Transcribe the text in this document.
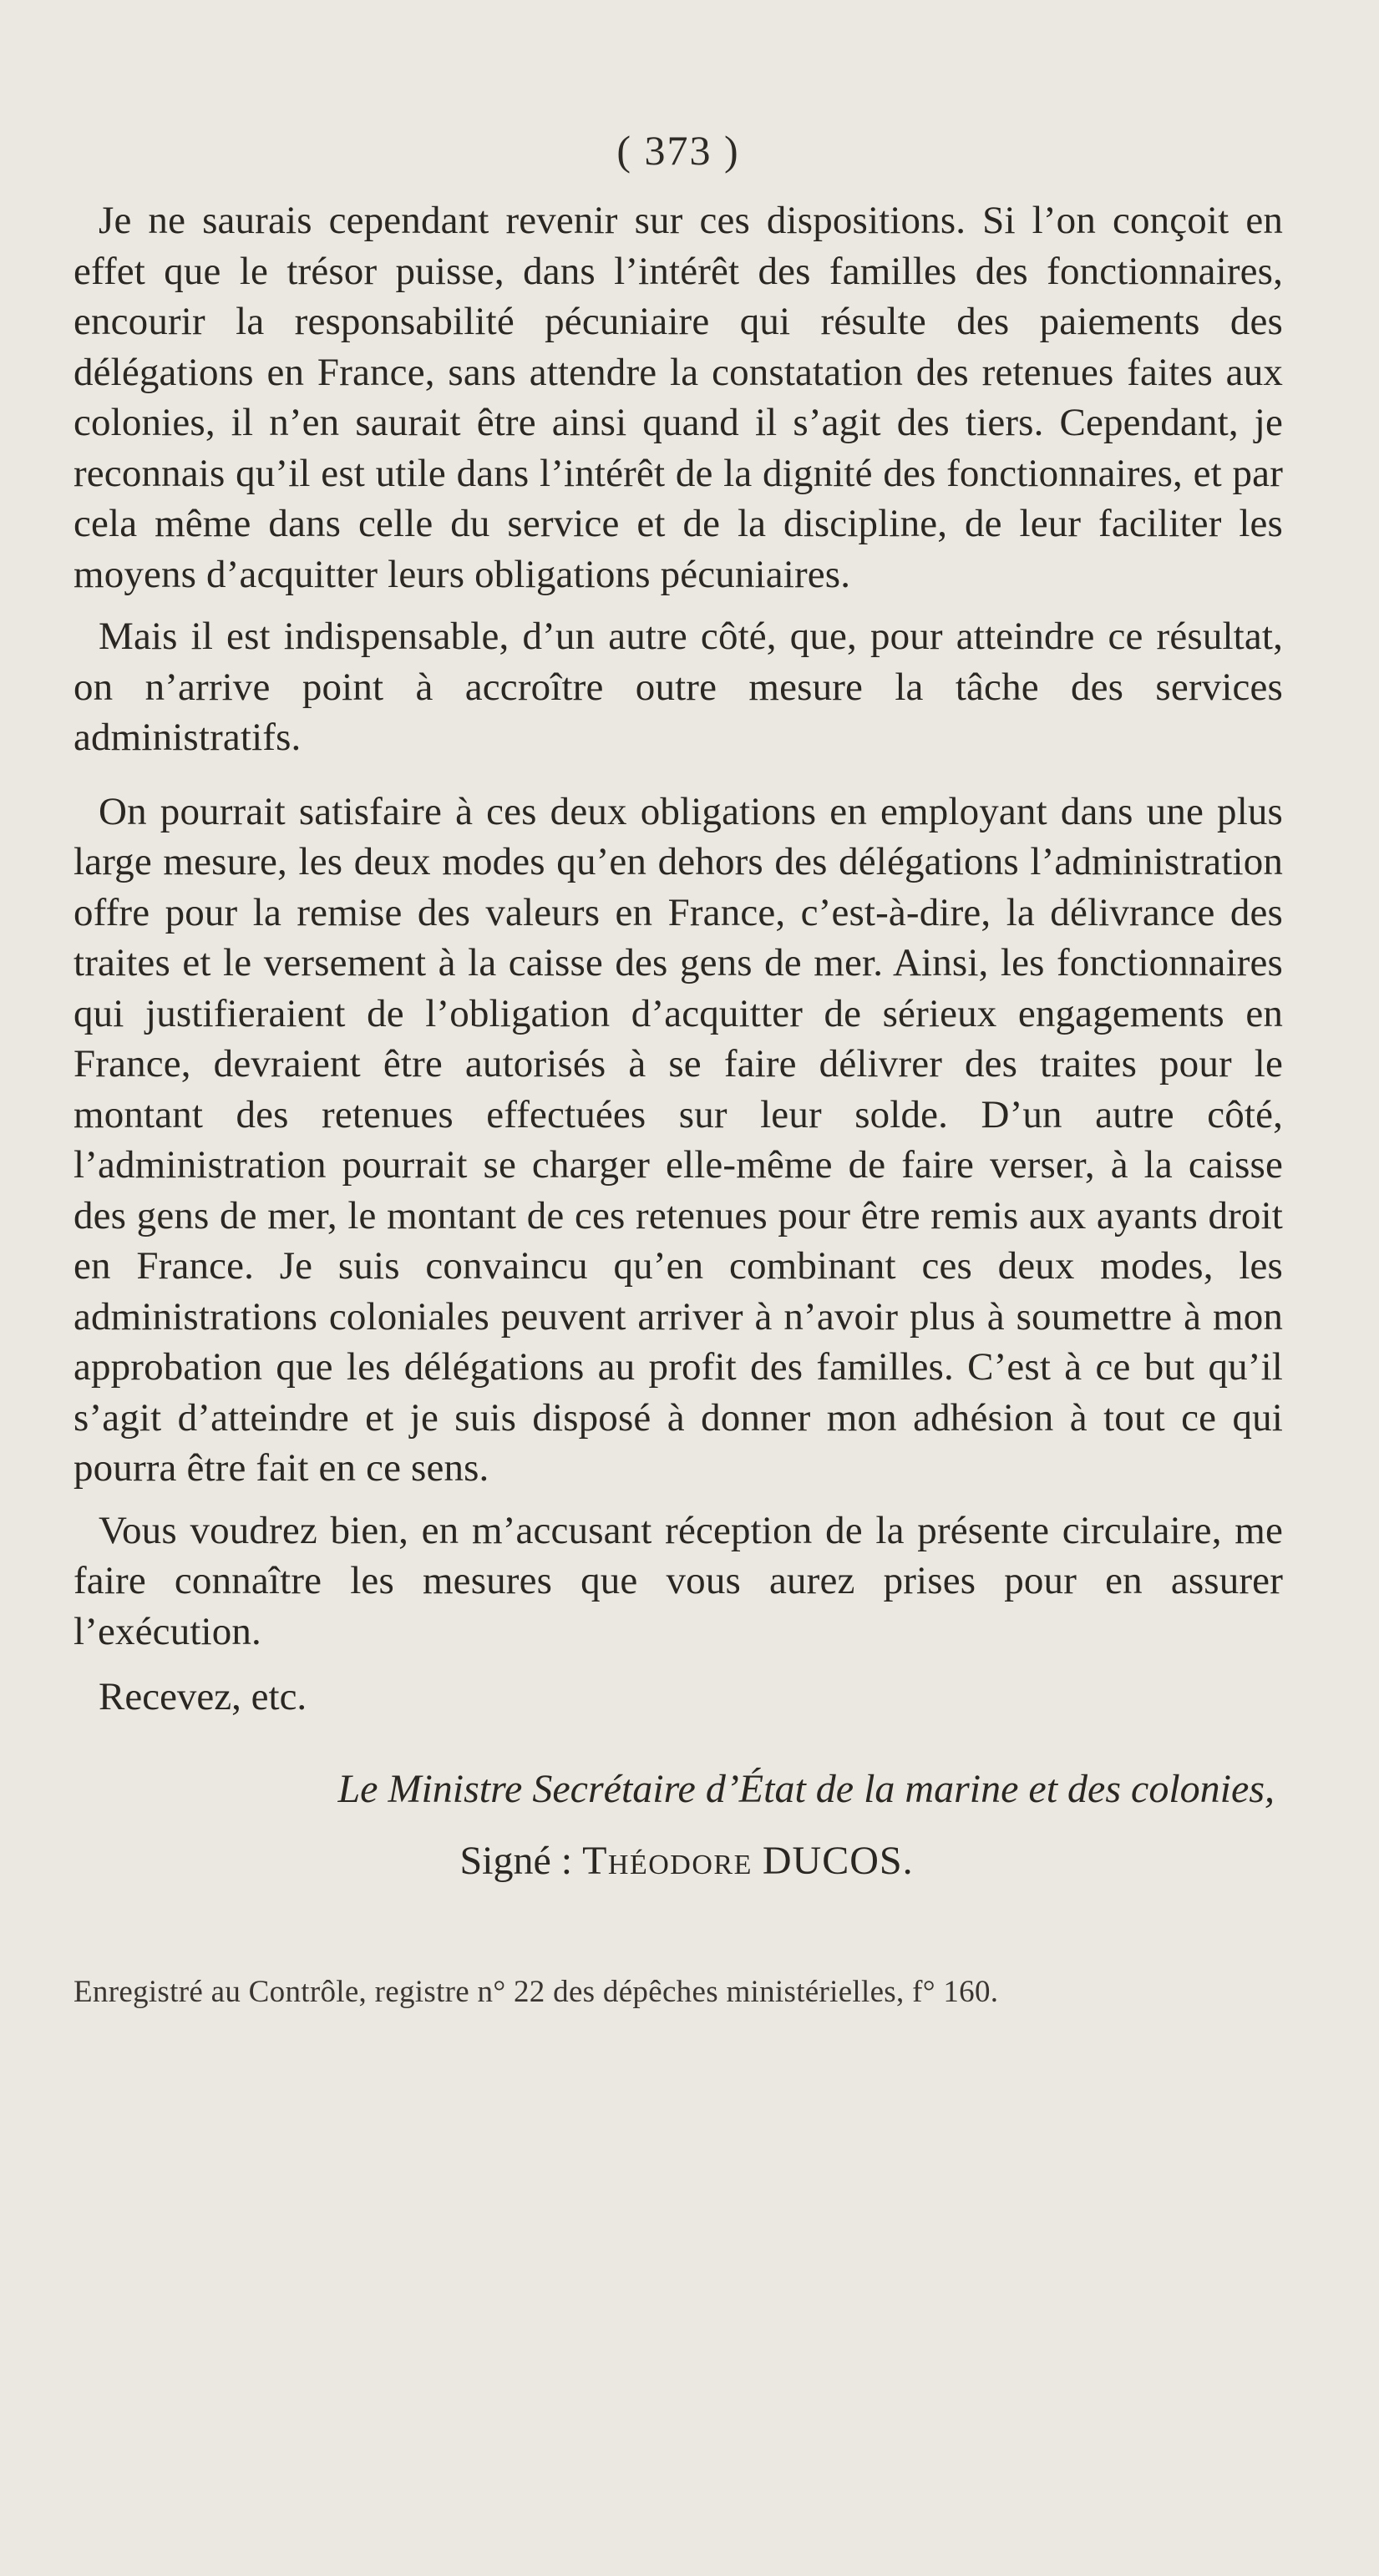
( 373 )

Je ne saurais cependant revenir sur ces dispositions. Si l’on conçoit en effet que le trésor puisse, dans l’intérêt des familles des fonctionnaires, encourir la responsabilité pécuniaire qui résulte des paiements des délégations en France, sans attendre la constatation des retenues faites aux colonies, il n’en saurait être ainsi quand il s’agit des tiers. Cependant, je reconnais qu’il est utile dans l’intérêt de la dignité des fonctionnaires, et par cela même dans celle du service et de la discipline, de leur faciliter les moyens d’acquitter leurs obligations pécuniaires.

Mais il est indispensable, d’un autre côté, que, pour atteindre ce résultat, on n’arrive point à accroître outre mesure la tâche des services administratifs.

On pourrait satisfaire à ces deux obligations en employant dans une plus large mesure, les deux modes qu’en dehors des délégations l’administration offre pour la remise des valeurs en France, c’est-à-dire, la délivrance des traites et le versement à la caisse des gens de mer. Ainsi, les fonctionnaires qui justifieraient de l’obligation d’acquitter de sérieux engagements en France, devraient être autorisés à se faire délivrer des traites pour le montant des retenues effectuées sur leur solde. D’un autre côté, l’administration pourrait se charger elle-même de faire verser, à la caisse des gens de mer, le montant de ces retenues pour être remis aux ayants droit en France. Je suis convaincu qu’en combinant ces deux modes, les administrations coloniales peuvent arriver à n’avoir plus à soumettre à mon approbation que les délégations au profit des familles. C’est à ce but qu’il s’agit d’atteindre et je suis disposé à donner mon adhésion à tout ce qui pourra être fait en ce sens.

Vous voudrez bien, en m’accusant réception de la présente circulaire, me faire connaître les mesures que vous aurez prises pour en assurer l’exécution.

Recevez, etc.
Le Ministre Secrétaire d’État de la marine et des colonies,
Signé : Théodore DUCOS.
Enregistré au Contrôle, registre n° 22 des dépêches ministérielles, f° 160.
